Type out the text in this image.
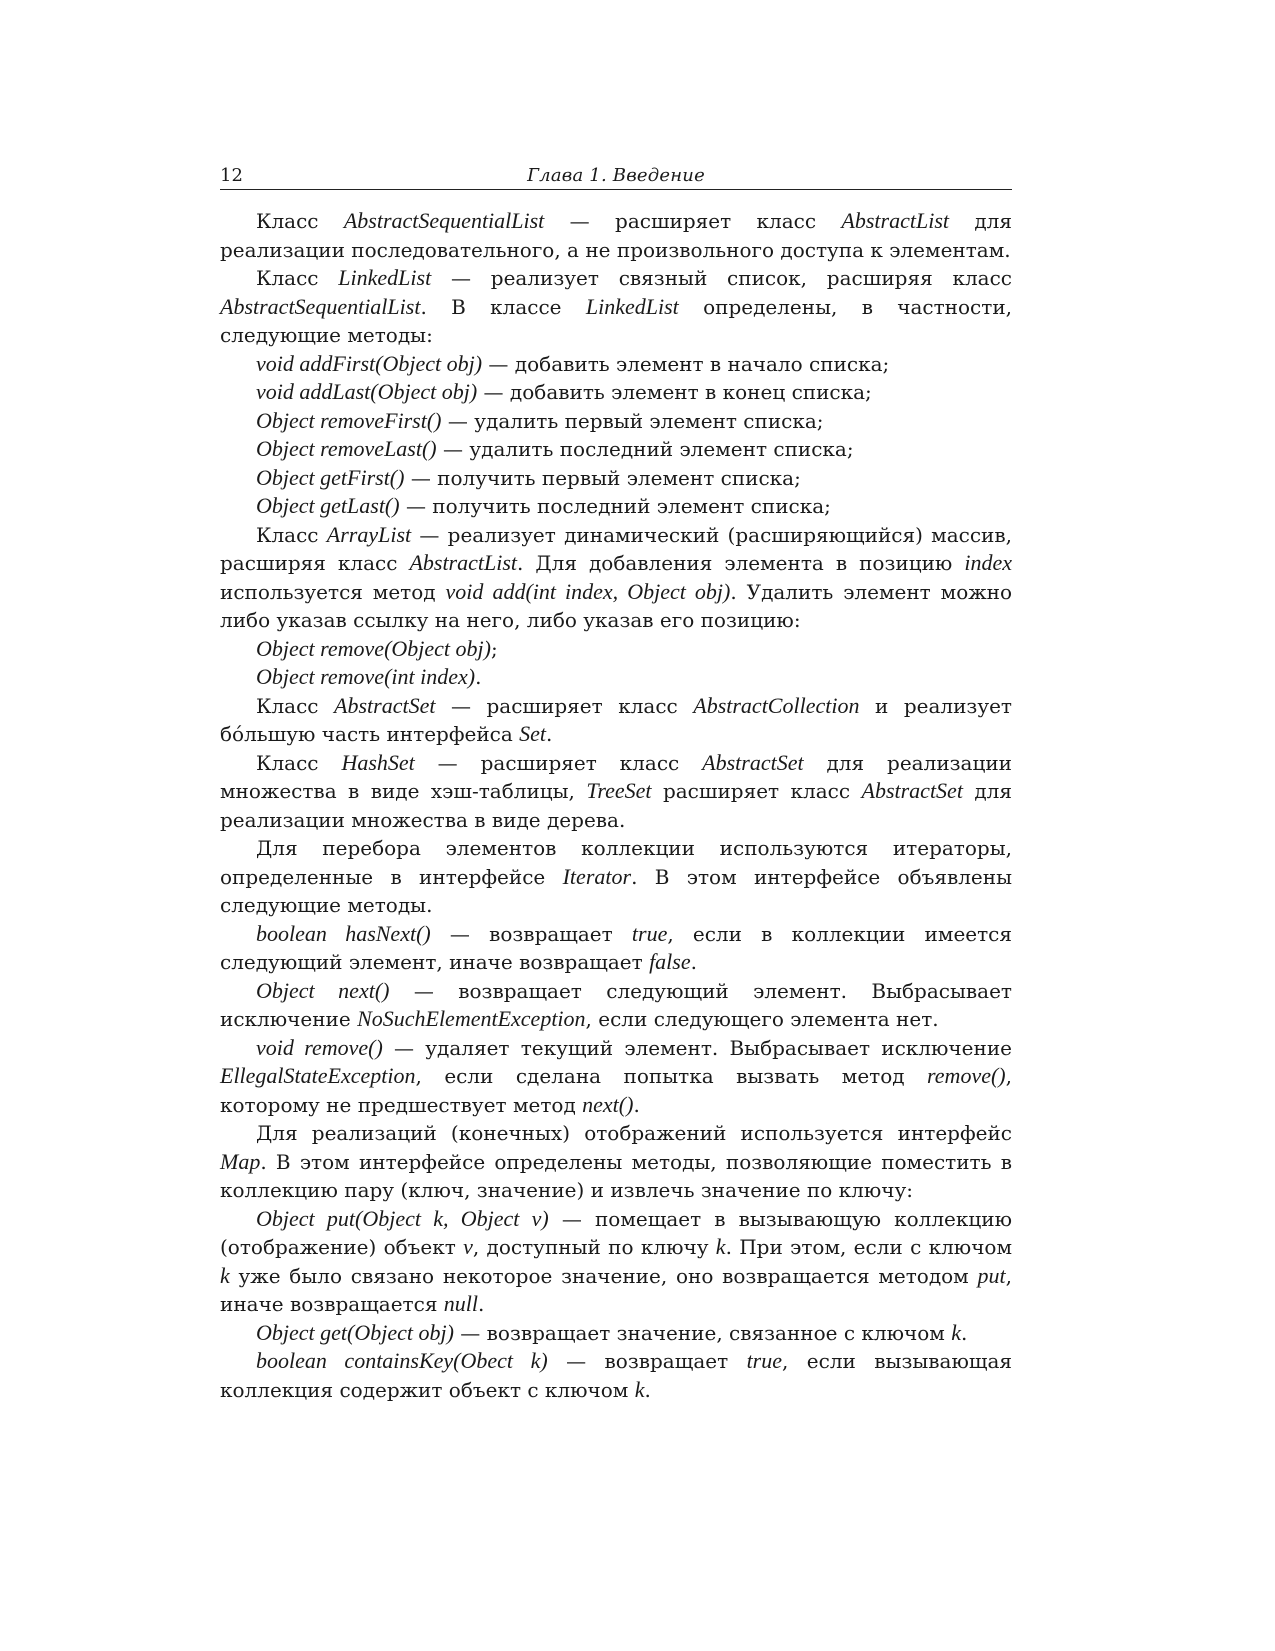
12	Глава 1. Введение

Класс AbstractSequentialList — расширяет класс AbstractList для реализации последовательного, а не произвольного доступа к элементам.

Класс LinkedList — реализует связный список, расширяя класс AbstractSequentialList. В классе LinkedList определены, в частности, следующие методы:

void addFirst(Object obj) — добавить элемент в начало списка;

void addLast(Object obj) — добавить элемент в конец списка;

Object removeFirst() — удалить первый элемент списка;

Object removeLast() — удалить последний элемент списка;

Object getFirst() — получить первый элемент списка;

Object getLast() — получить последний элемент списка;

Класс ArrayList — реализует динамический (расширяющийся) массив, расширяя класс AbstractList. Для добавления элемента в позицию index используется метод void add(int index, Object obj). Удалить элемент можно либо указав ссылку на него, либо указав его позицию:

Object remove(Object obj);

Object remove(int index).

Класс AbstractSet — расширяет класс AbstractCollection и реализует бóльшую часть интерфейса Set.

Класс HashSet — расширяет класс AbstractSet для реализации множества в виде хэш-таблицы, TreeSet расширяет класс AbstractSet для реализации множества в виде дерева.

Для перебора элементов коллекции используются итераторы, определенные в интерфейсе Iterator. В этом интерфейсе объявлены следующие методы.

boolean hasNext() — возвращает true, если в коллекции имеется следующий элемент, иначе возвращает false.

Object next() — возвращает следующий элемент. Выбрасывает исключение NoSuchElementException, если следующего элемента нет.

void remove() — удаляет текущий элемент. Выбрасывает исключение EllegalStateException, если сделана попытка вызвать метод remove(), которому не предшествует метод next().

Для реализаций (конечных) отображений используется интерфейс Map. В этом интерфейсе определены методы, позволяющие поместить в коллекцию пару (ключ, значение) и извлечь значение по ключу:

Object put(Object k, Object v) — помещает в вызывающую коллекцию (отображение) объект v, доступный по ключу k. При этом, если с ключом k уже было связано некоторое значение, оно возвращается методом put, иначе возвращается null.

Object get(Object obj) — возвращает значение, связанное с ключом k.

boolean containsKey(Obect k) — возвращает true, если вызывающая коллекция содержит объект с ключом k.
